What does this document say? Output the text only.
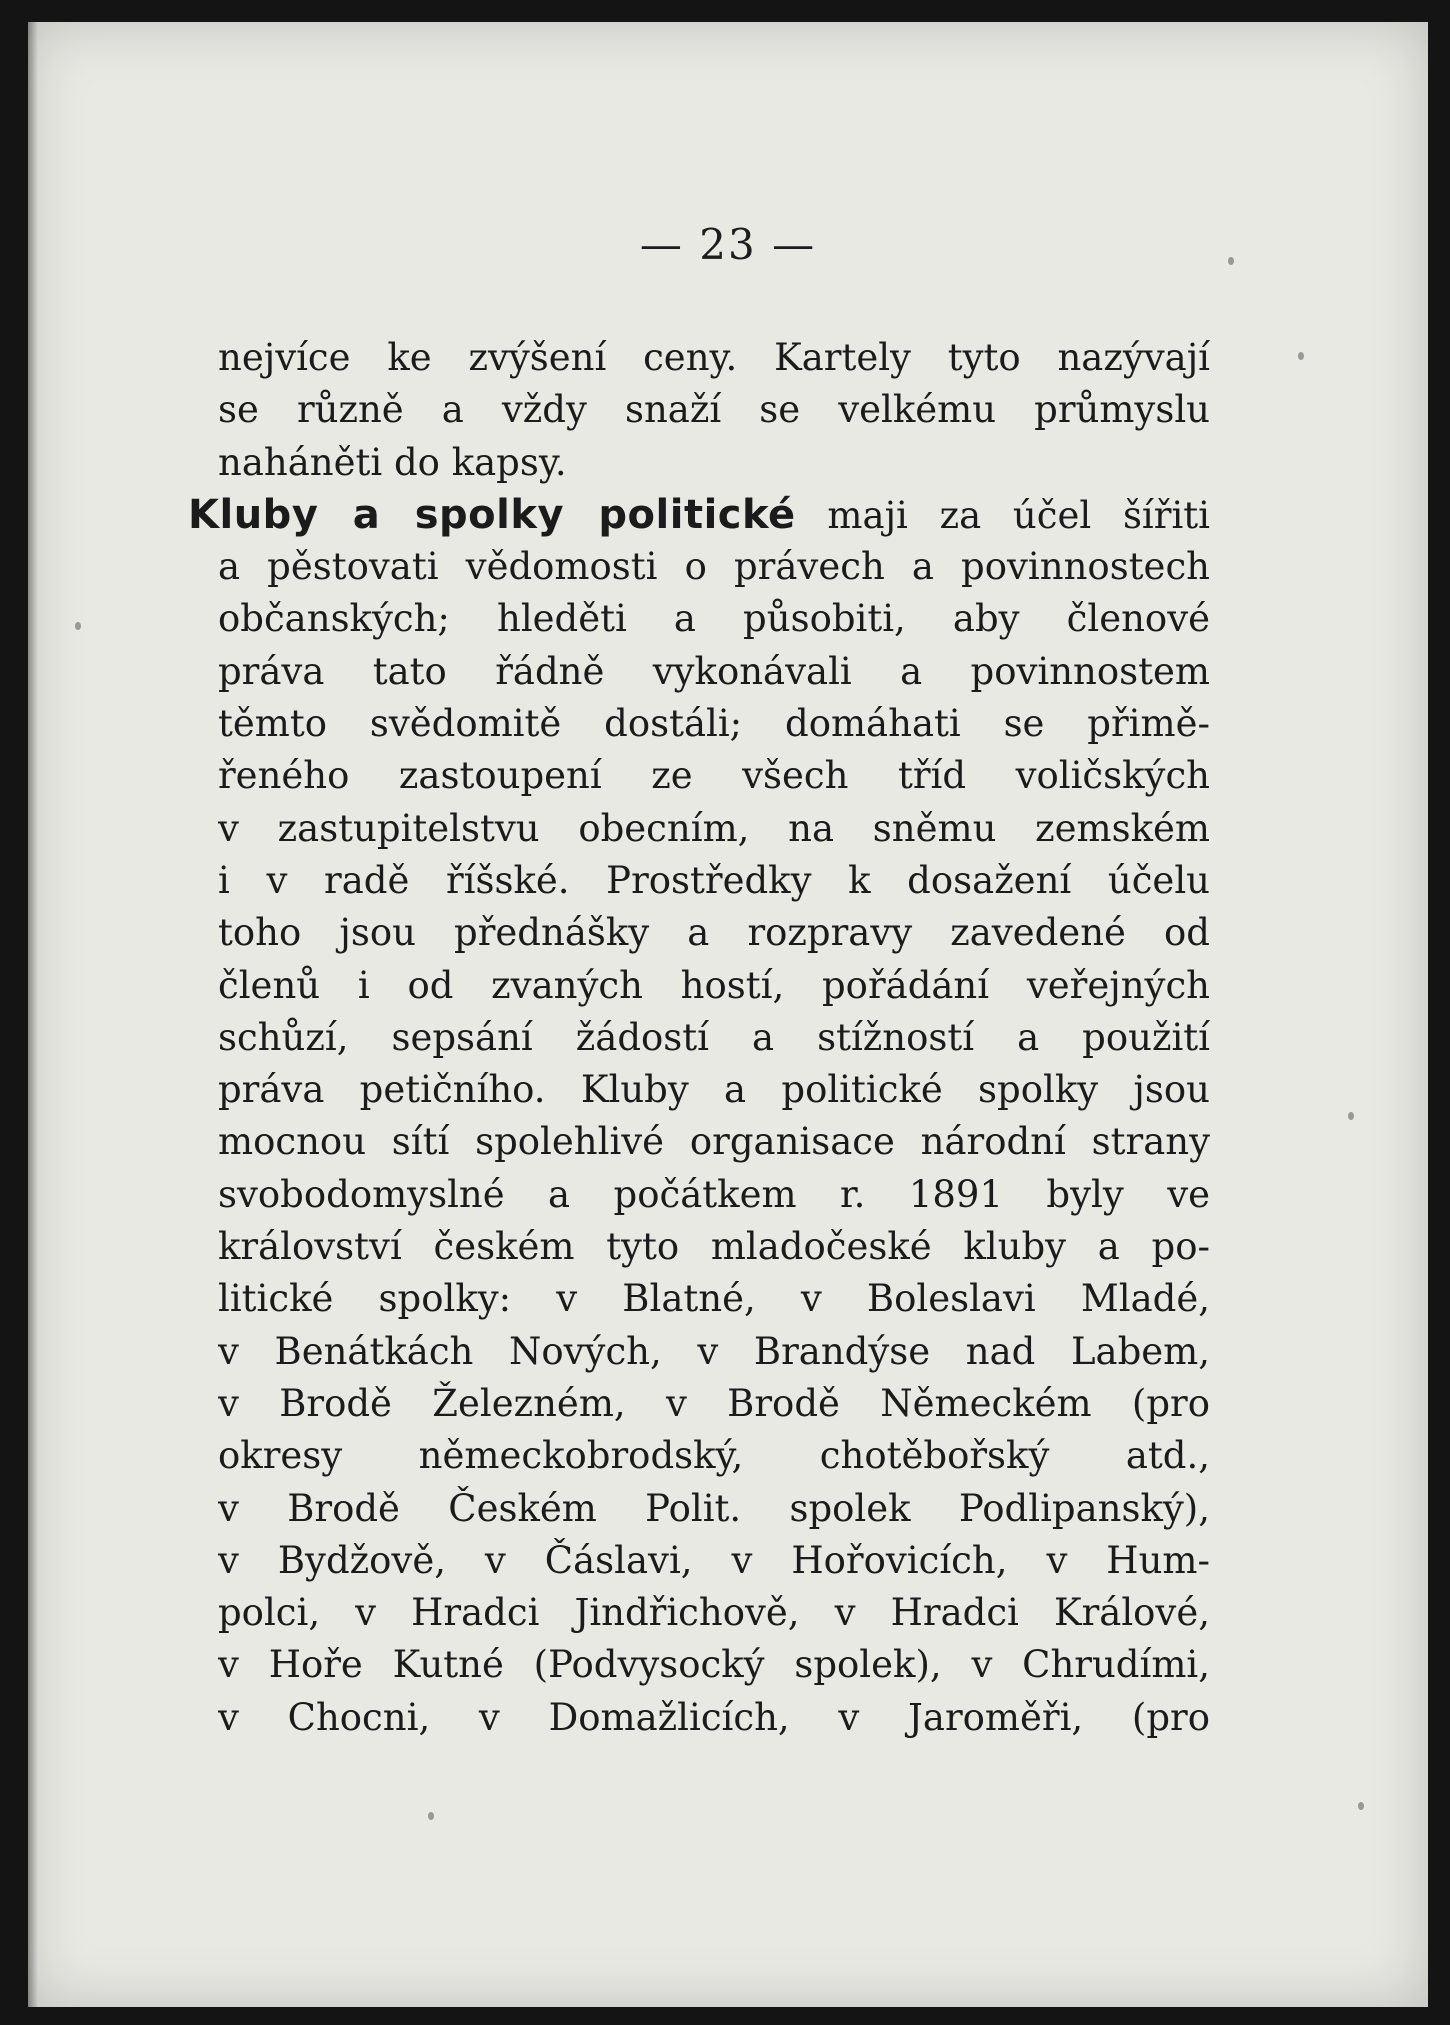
— 23 —
nejvíce ke zvýšení ceny. Kartely tyto nazývají
se různě a vždy snaží se velkému průmyslu
naháněti do kapsy.
Kluby a spolky politické maji za účel šířiti
a pěstovati vědomosti o právech a povinnostech
občanských; hleděti a působiti, aby členové
práva tato řádně vykonávali a povinnostem
těmto svědomitě dostáli; domáhati se přimě-
řeného zastoupení ze všech tříd voličských
v zastupitelstvu obecním, na sněmu zemském
i v radě říšské. Prostředky k dosažení účelu
toho jsou přednášky a rozpravy zavedené od
členů i od zvaných hostí, pořádání veřejných
schůzí, sepsání žádostí a stížností a použití
práva petičního. Kluby a politické spolky jsou
mocnou sítí spolehlivé organisace národní strany
svobodomyslné a počátkem r. 1891 byly ve
království českém tyto mladočeské kluby a po-
litické spolky: v Blatné, v Boleslavi Mladé,
v Benátkách Nových, v Brandýse nad Labem,
v Brodě Železném, v Brodě Německém (pro
okresy německobrodský, chotěbořský atd.,
v Brodě Českém Polit. spolek Podlipanský),
v Bydžově, v Čáslavi, v Hořovicích, v Hum-
polci, v Hradci Jindřichově, v Hradci Králové,
v Hoře Kutné (Podvysocký spolek), v Chrudími,
v Chocni, v Domažlicích, v Jaroměři, (pro
